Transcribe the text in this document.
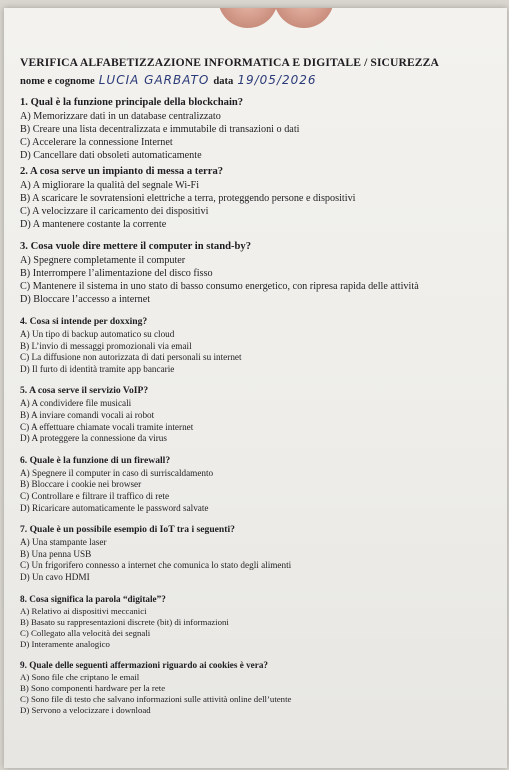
VERIFICA ALFABETIZZAZIONE INFORMATICA E DIGITALE / SICUREZZA

nome e cognome LUCIA GARBATO data 19/05/2026

1. Qual è la funzione principale della blockchain?

A) Memorizzare dati in un database centralizzato

B) Creare una lista decentralizzata e immutabile di transazioni o dati

C) Accelerare la connessione Internet

D) Cancellare dati obsoleti automaticamente

2. A cosa serve un impianto di messa a terra?

A) A migliorare la qualità del segnale Wi-Fi

B) A scaricare le sovratensioni elettriche a terra, proteggendo persone e dispositivi

C) A velocizzare il caricamento dei dispositivi

D) A mantenere costante la corrente

3. Cosa vuole dire mettere il computer in stand-by?

A) Spegnere completamente il computer

B) Interrompere l’alimentazione del disco fisso

C) Mantenere il sistema in uno stato di basso consumo energetico, con ripresa rapida delle attività

D) Bloccare l’accesso a internet

4. Cosa si intende per doxxing?

A) Un tipo di backup automatico su cloud

B) L’invio di messaggi promozionali via email

C) La diffusione non autorizzata di dati personali su internet

D) Il furto di identità tramite app bancarie

5. A cosa serve il servizio VoIP?

A) A condividere file musicali

B) A inviare comandi vocali ai robot

C) A effettuare chiamate vocali tramite internet

D) A proteggere la connessione da virus

6. Quale è la funzione di un firewall?

A) Spegnere il computer in caso di surriscaldamento

B) Bloccare i cookie nei browser

C) Controllare e filtrare il traffico di rete

D) Ricaricare automaticamente le password salvate

7. Quale è un possibile esempio di IoT tra i seguenti?

A) Una stampante laser

B) Una penna USB

C) Un frigorifero connesso a internet che comunica lo stato degli alimenti

D) Un cavo HDMI

8. Cosa significa la parola “digitale”?

A) Relativo ai dispositivi meccanici

B) Basato su rappresentazioni discrete (bit) di informazioni

C) Collegato alla velocità dei segnali

D) Interamente analogico

9. Quale delle seguenti affermazioni riguardo ai cookies è vera?

A) Sono file che criptano le email

B) Sono componenti hardware per la rete

C) Sono file di testo che salvano informazioni sulle attività online dell’utente

D) Servono a velocizzare i download
